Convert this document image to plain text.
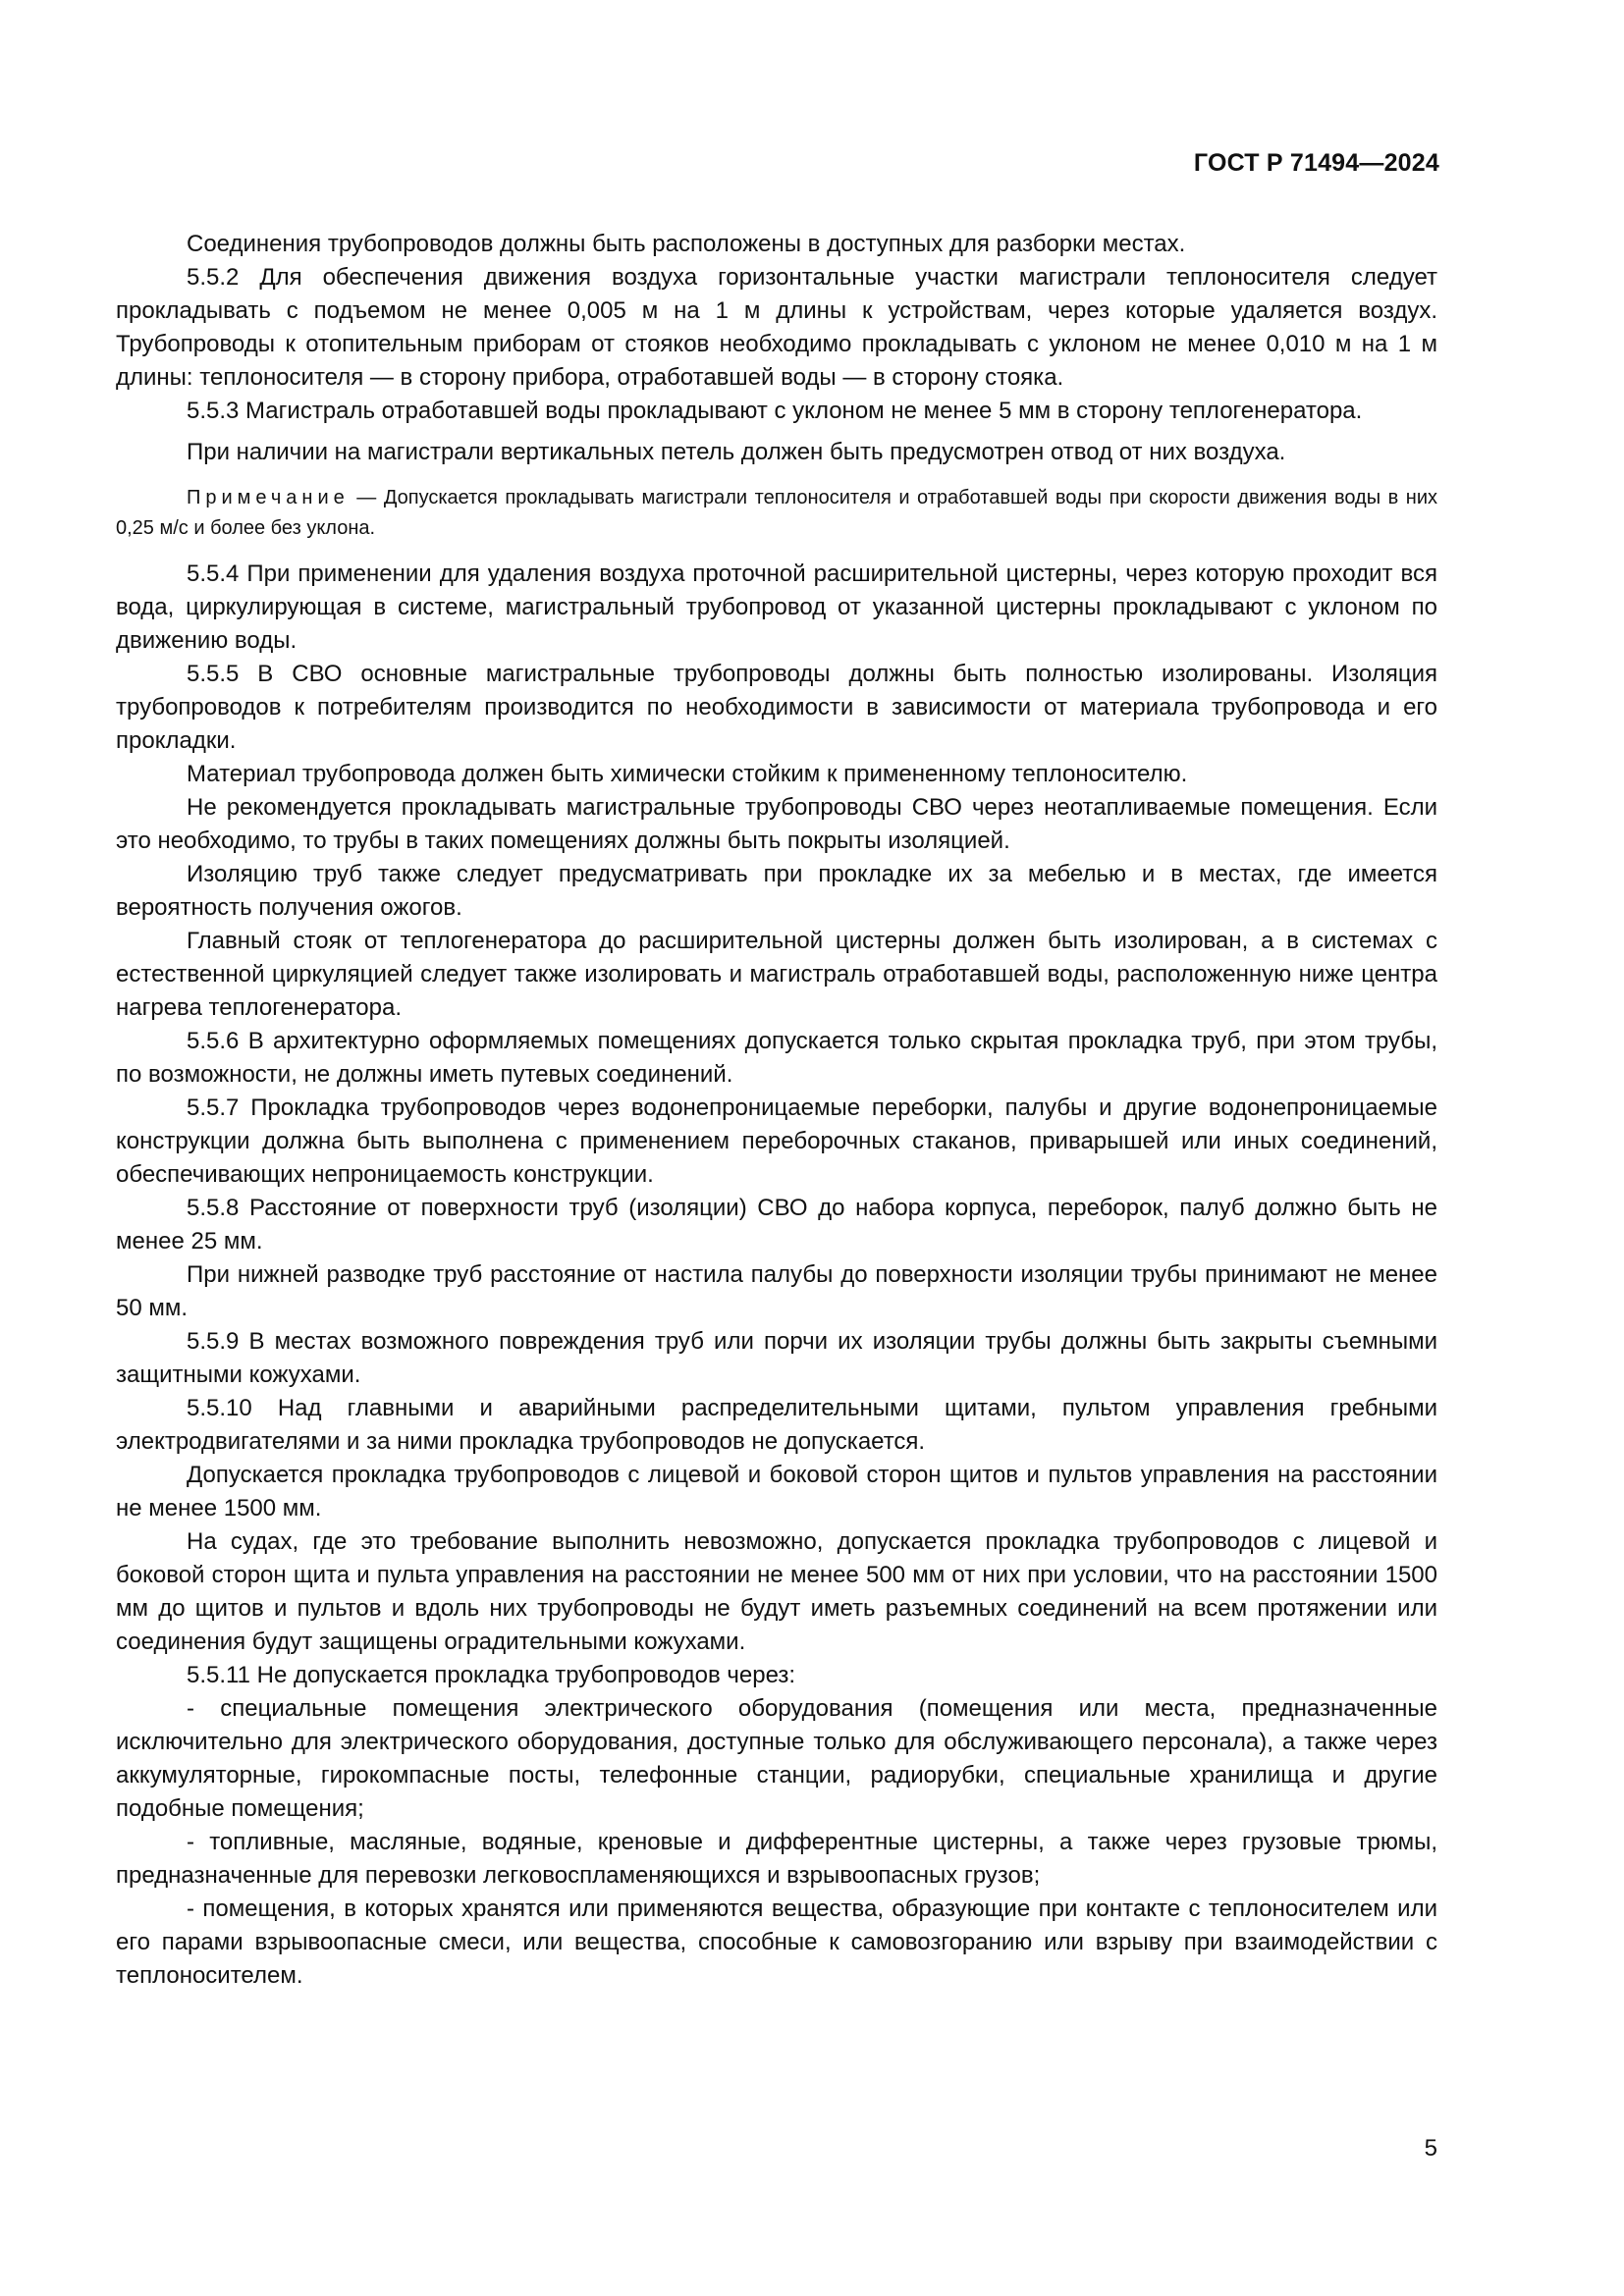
ГОСТ Р 71494—2024

Соединения трубопроводов должны быть расположены в доступных для разборки местах.

5.5.2 Для обеспечения движения воздуха горизонтальные участки магистрали теплоносителя следует прокладывать с подъемом не менее 0,005 м на 1 м длины к устройствам, через которые удаляется воздух. Трубопроводы к отопительным приборам от стояков необходимо прокладывать с уклоном не менее 0,010 м на 1 м длины: теплоносителя — в сторону прибора, отработавшей воды — в сторону стояка.

5.5.3 Магистраль отработавшей воды прокладывают с уклоном не менее 5 мм в сторону теплогенератора.

При наличии на магистрали вертикальных петель должен быть предусмотрен отвод от них воздуха.

Примечание — Допускается прокладывать магистрали теплоносителя и отработавшей воды при скорости движения воды в них 0,25 м/с и более без уклона.

5.5.4 При применении для удаления воздуха проточной расширительной цистерны, через которую проходит вся вода, циркулирующая в системе, магистральный трубопровод от указанной цистерны прокладывают с уклоном по движению воды.

5.5.5 В СВО основные магистральные трубопроводы должны быть полностью изолированы. Изоляция трубопроводов к потребителям производится по необходимости в зависимости от материала трубопровода и его прокладки.

Материал трубопровода должен быть химически стойким к примененному теплоносителю.

Не рекомендуется прокладывать магистральные трубопроводы СВО через неотапливаемые помещения. Если это необходимо, то трубы в таких помещениях должны быть покрыты изоляцией.

Изоляцию труб также следует предусматривать при прокладке их за мебелью и в местах, где имеется вероятность получения ожогов.

Главный стояк от теплогенератора до расширительной цистерны должен быть изолирован, а в системах с естественной циркуляцией следует также изолировать и магистраль отработавшей воды, расположенную ниже центра нагрева теплогенератора.

5.5.6 В архитектурно оформляемых помещениях допускается только скрытая прокладка труб, при этом трубы, по возможности, не должны иметь путевых соединений.

5.5.7 Прокладка трубопроводов через водонепроницаемые переборки, палубы и другие водонепроницаемые конструкции должна быть выполнена с применением переборочных стаканов, приварышей или иных соединений, обеспечивающих непроницаемость конструкции.

5.5.8 Расстояние от поверхности труб (изоляции) СВО до набора корпуса, переборок, палуб должно быть не менее 25 мм.

При нижней разводке труб расстояние от настила палубы до поверхности изоляции трубы принимают не менее 50 мм.

5.5.9 В местах возможного повреждения труб или порчи их изоляции трубы должны быть закрыты съемными защитными кожухами.

5.5.10 Над главными и аварийными распределительными щитами, пультом управления гребными электродвигателями и за ними прокладка трубопроводов не допускается.

Допускается прокладка трубопроводов с лицевой и боковой сторон щитов и пультов управления на расстоянии не менее 1500 мм.

На судах, где это требование выполнить невозможно, допускается прокладка трубопроводов с лицевой и боковой сторон щита и пульта управления на расстоянии не менее 500 мм от них при условии, что на расстоянии 1500 мм до щитов и пультов и вдоль них трубопроводы не будут иметь разъемных соединений на всем протяжении или соединения будут защищены оградительными кожухами.

5.5.11 Не допускается прокладка трубопроводов через:

- специальные помещения электрического оборудования (помещения или места, предназначенные исключительно для электрического оборудования, доступные только для обслуживающего персонала), а также через аккумуляторные, гирокомпасные посты, телефонные станции, радиорубки, специальные хранилища и другие подобные помещения;

- топливные, масляные, водяные, креновые и дифферентные цистерны, а также через грузовые трюмы, предназначенные для перевозки легковоспламеняющихся и взрывоопасных грузов;

- помещения, в которых хранятся или применяются вещества, образующие при контакте с теплоносителем или его парами взрывоопасные смеси, или вещества, способные к самовозгоранию или взрыву при взаимодействии с теплоносителем.

5
